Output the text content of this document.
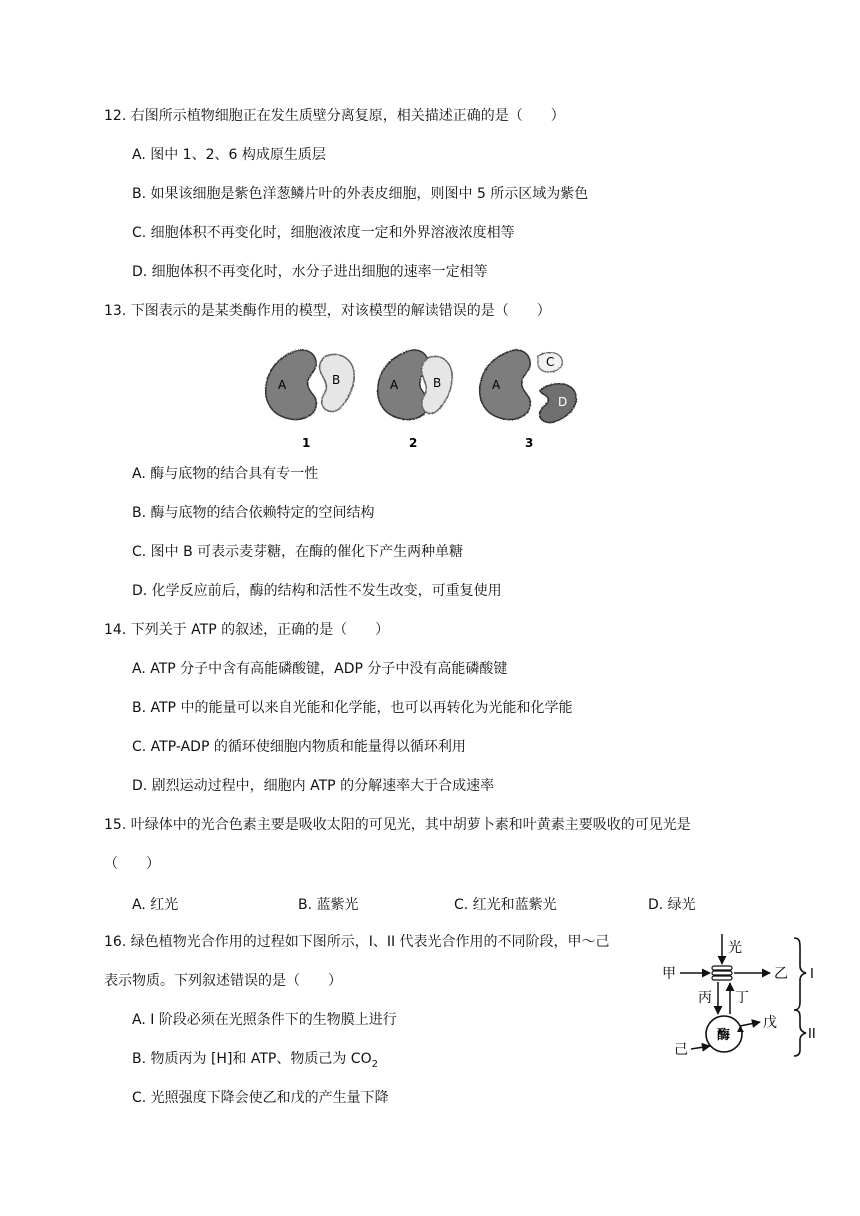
12. 右图所示植物细胞正在发生质壁分离复原，相关描述正确的是（　　）
A. 图中 1、2、6 构成原生质层
B. 如果该细胞是紫色洋葱鳞片叶的外表皮细胞，则图中 5 所示区域为紫色
C. 细胞体积不再变化时，细胞液浓度一定和外界溶液浓度相等
D. 细胞体积不再变化时，水分子进出细胞的速率一定相等
13. 下图表示的是某类酶作用的模型，对该模型的解读错误的是（　　）
A	B
1
A	B
2
A
C
D
3
A. 酶与底物的结合具有专一性
B. 酶与底物的结合依赖特定的空间结构
C. 图中 B 可表示麦芽糖，在酶的催化下产生两种单糖
D. 化学反应前后，酶的结构和活性不发生改变，可重复使用
14. 下列关于 ATP 的叙述，正确的是（　　）
A. ATP 分子中含有高能磷酸键，ADP 分子中没有高能磷酸键
B. ATP 中的能量可以来自光能和化学能，也可以再转化为光能和化学能
C. ATP-ADP 的循环使细胞内物质和能量得以循环利用
D. 剧烈运动过程中，细胞内 ATP 的分解速率大于合成速率
15. 叶绿体中的光合色素主要是吸收太阳的可见光，其中胡萝卜素和叶黄素主要吸收的可见光是
（　　）
A. 红光	B. 蓝紫光	C. 红光和蓝紫光	D. 绿光
16. 绿色植物光合作用的过程如下图所示，I、II 代表光合作用的不同阶段，甲～己
表示物质。下列叙述错误的是（　　）
A. I 阶段必须在光照条件下的生物膜上进行
B. 物质丙为 [H]和 ATP、物质己为 $CO_2$
C. 光照强度下降会使乙和戊的产生量下降
光
甲	乙
丙 丁
酶
戊
己
I
II
